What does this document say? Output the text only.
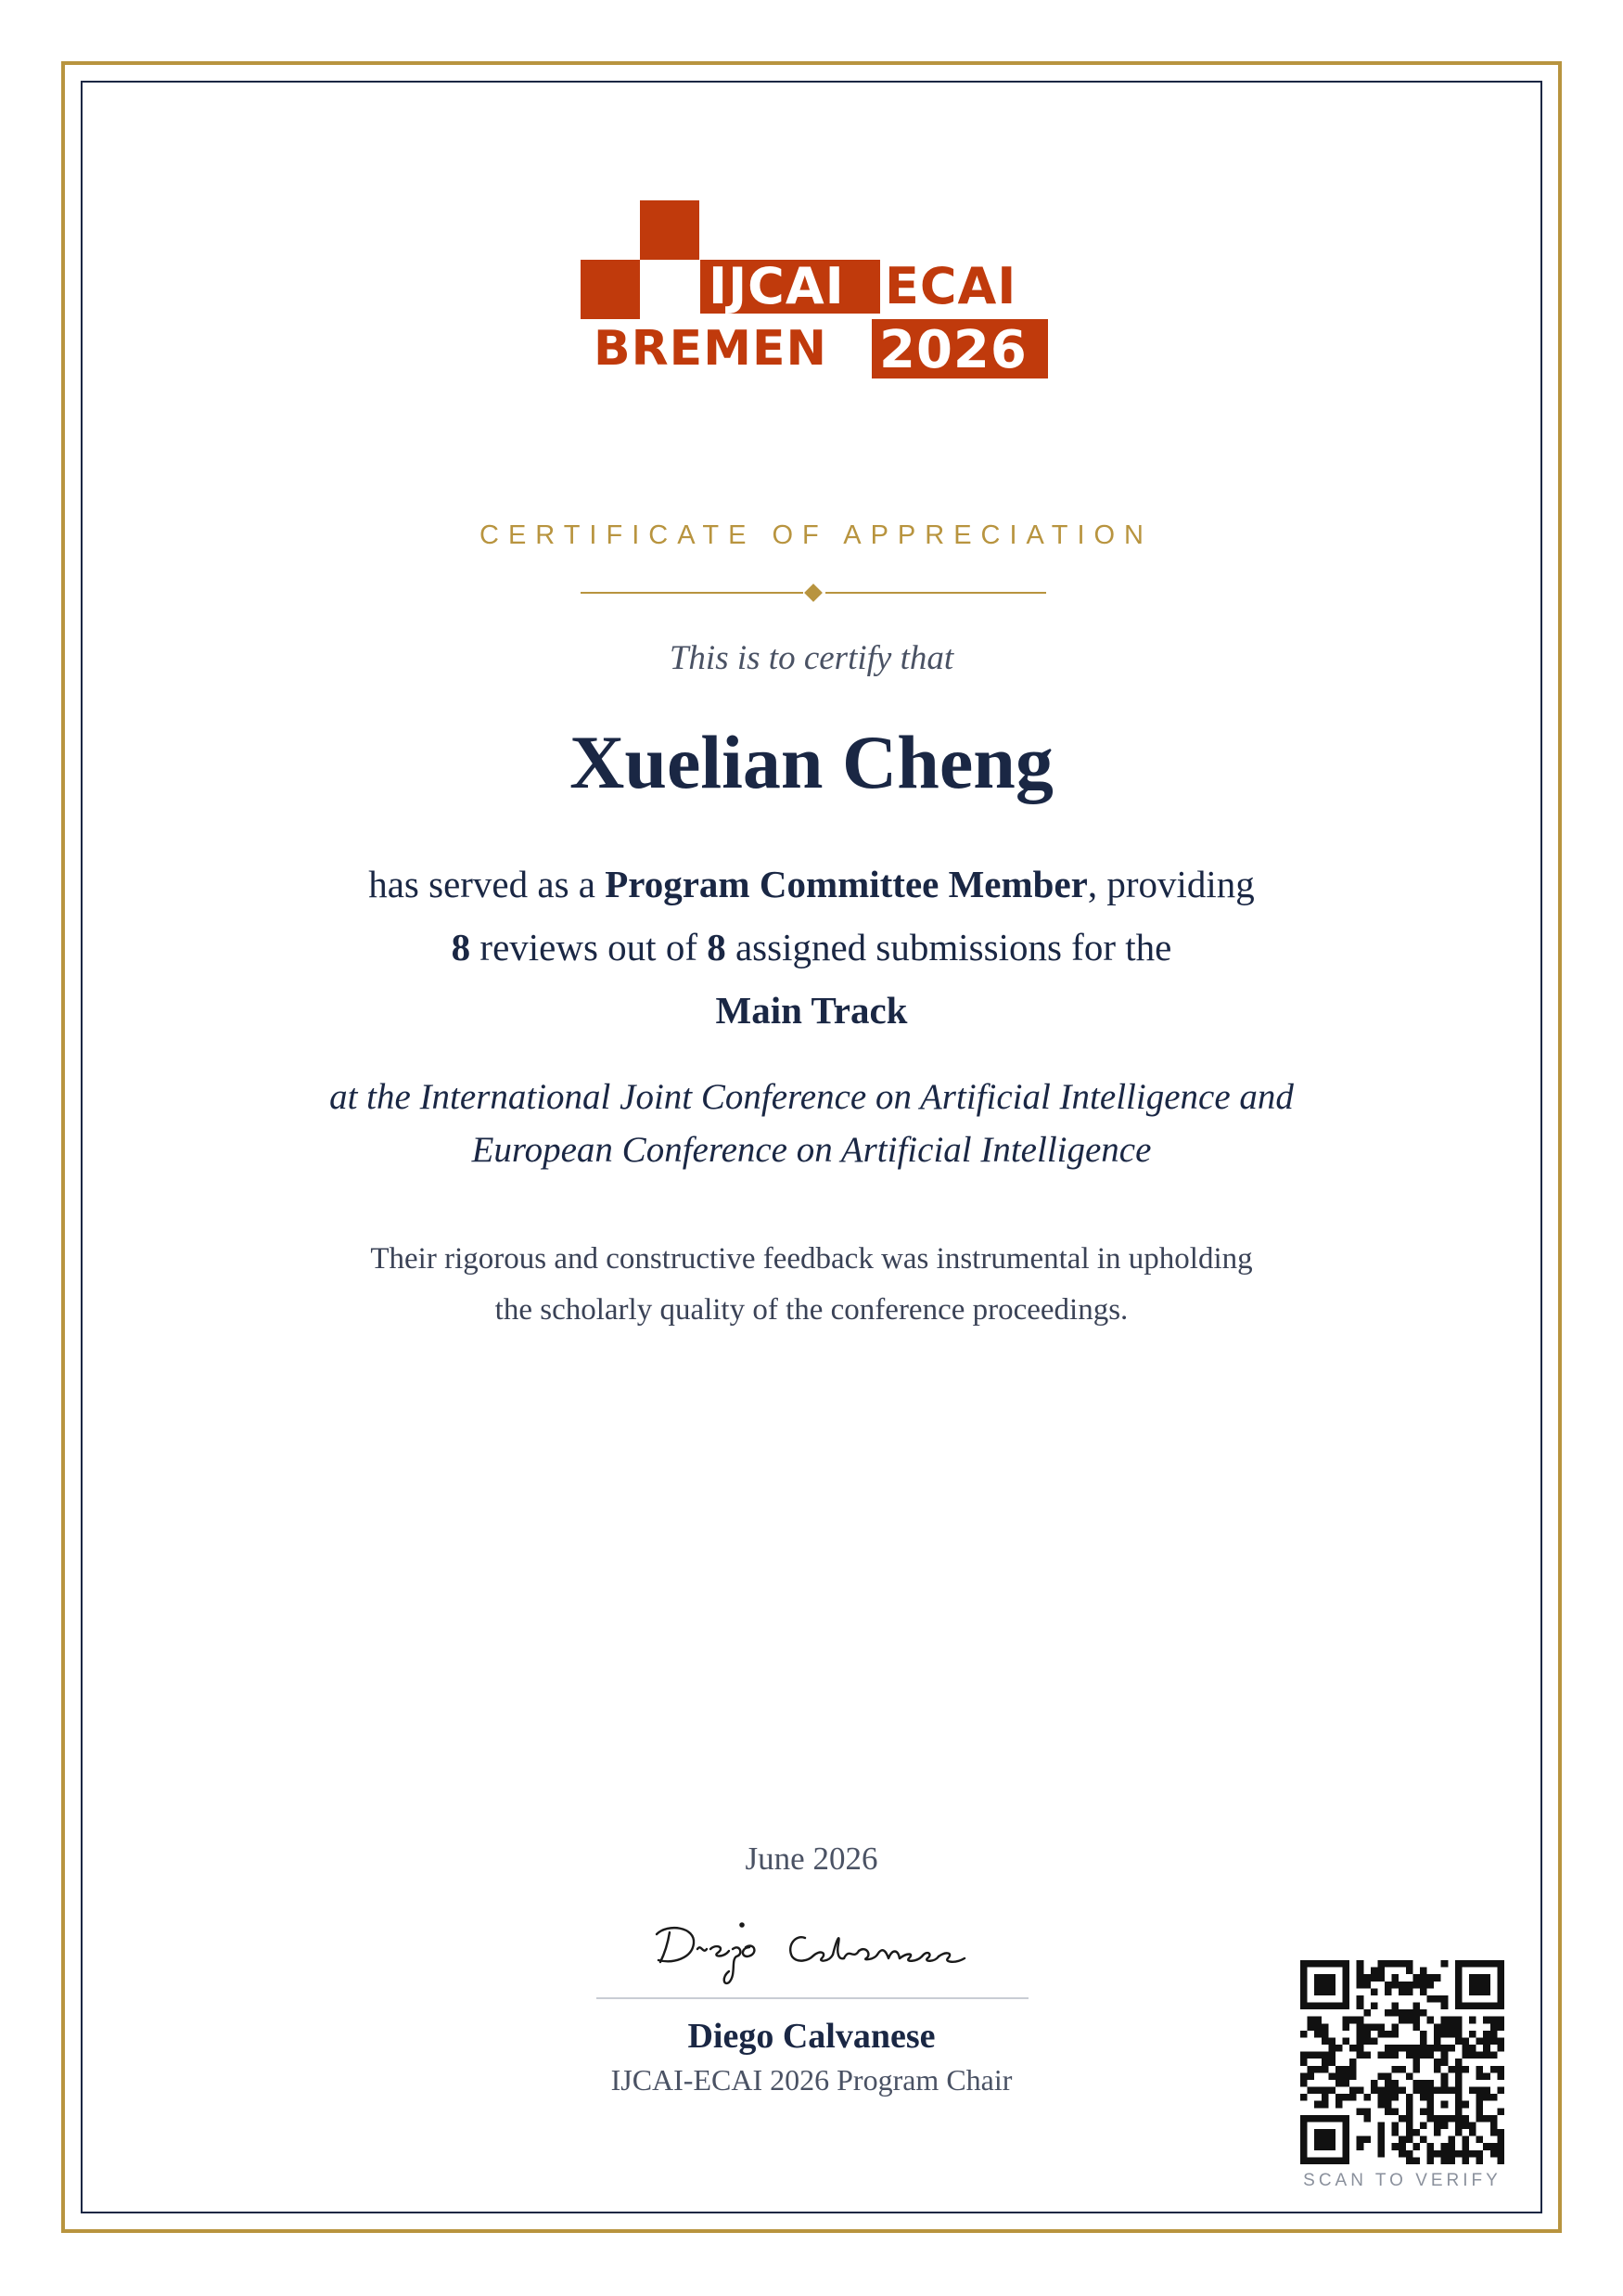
IJCAI ECAI
BREMEN 2026
CERTIFICATE OF APPRECIATION
This is to certify that
Xuelian Cheng
has served as a Program Committee Member, providing
8 reviews out of 8 assigned submissions for the
Main Track
at the International Joint Conference on Artificial Intelligence and
European Conference on Artificial Intelligence
Their rigorous and constructive feedback was instrumental in upholding
the scholarly quality of the conference proceedings.
June 2026
Diego Calvanese
IJCAI-ECAI 2026 Program Chair
SCAN TO VERIFY
